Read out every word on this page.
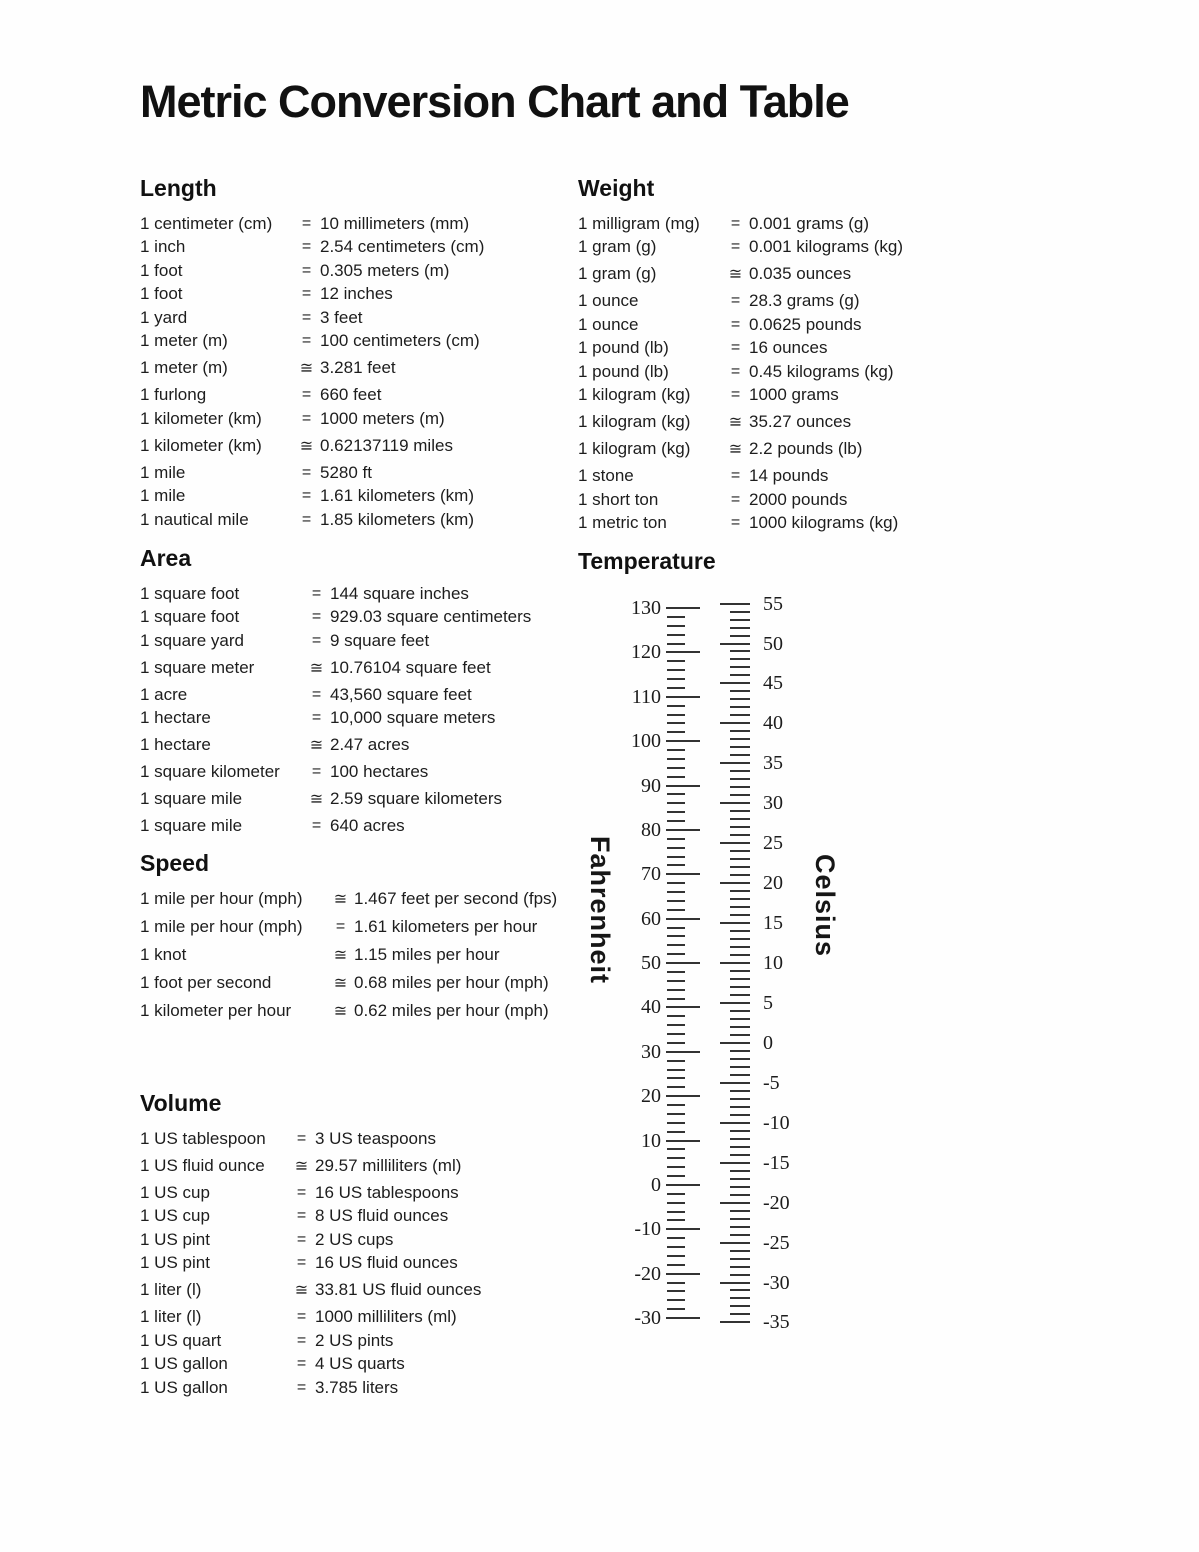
Metric Conversion Chart and Table
Length
1 centimeter (cm)	= 10 millimeters (mm)
1 inch	= 2.54 centimeters (cm)
1 foot	= 0.305 meters (m)
1 foot	= 12 inches
1 yard	= 3 feet
1 meter (m)	= 100 centimeters (cm)
1 meter (m)	≅ 3.281 feet
1 furlong	= 660 feet
1 kilometer (km)	= 1000 meters (m)
1 kilometer (km)	≅ 0.62137119 miles
1 mile	= 5280 ft
1 mile	= 1.61 kilometers (km)
1 nautical mile	= 1.85 kilometers (km)
Weight
1 milligram (mg)	= 0.001 grams (g)
1 gram (g)	= 0.001 kilograms (kg)
1 gram (g)	≅ 0.035 ounces
1 ounce	= 28.3 grams (g)
1 ounce	= 0.0625 pounds
1 pound (lb)	= 16 ounces
1 pound (lb)	= 0.45 kilograms (kg)
1 kilogram (kg)	= 1000 grams
1 kilogram (kg)	≅ 35.27 ounces
1 kilogram (kg)	≅ 2.2 pounds (lb)
1 stone	= 14 pounds
1 short ton	= 2000 pounds
1 metric ton	= 1000 kilograms (kg)
Area
1 square foot	= 144 square inches
1 square foot	= 929.03 square centimeters
1 square yard	= 9 square feet
1 square meter	≅ 10.76104 square feet
1 acre	= 43,560 square feet
1 hectare	= 10,000 square meters
1 hectare	≅ 2.47 acres
1 square kilometer	= 100 hectares
1 square mile	≅ 2.59 square kilometers
1 square mile	= 640 acres
Speed
1 mile per hour (mph)	≅ 1.467 feet per second (fps)
1 mile per hour (mph)	= 1.61 kilometers per hour
1 knot	≅ 1.15 miles per hour
1 foot per second	≅ 0.68 miles per hour (mph)
1 kilometer per hour	≅ 0.62 miles per hour (mph)
Volume
1 US tablespoon	= 3 US teaspoons
1 US fluid ounce	≅ 29.57 milliliters (ml)
1 US cup	= 16 US tablespoons
1 US cup	= 8 US fluid ounces
1 US pint	= 2 US cups
1 US pint	= 16 US fluid ounces
1 liter (l)	≅ 33.81 US fluid ounces
1 liter (l)	= 1000 milliliters (ml)
1 US quart	= 2 US pints
1 US gallon	= 4 US quarts
1 US gallon	= 3.785 liters
Temperature
130
120
110
100
90
80
70
60
50
40
30
20
10
0
-10
-20
-30
55
50
45
40
35
30
25
20
15
10
5
0
-5
-10
-15
-20
-25
-30
-35
Fahrenheit	Celsius
